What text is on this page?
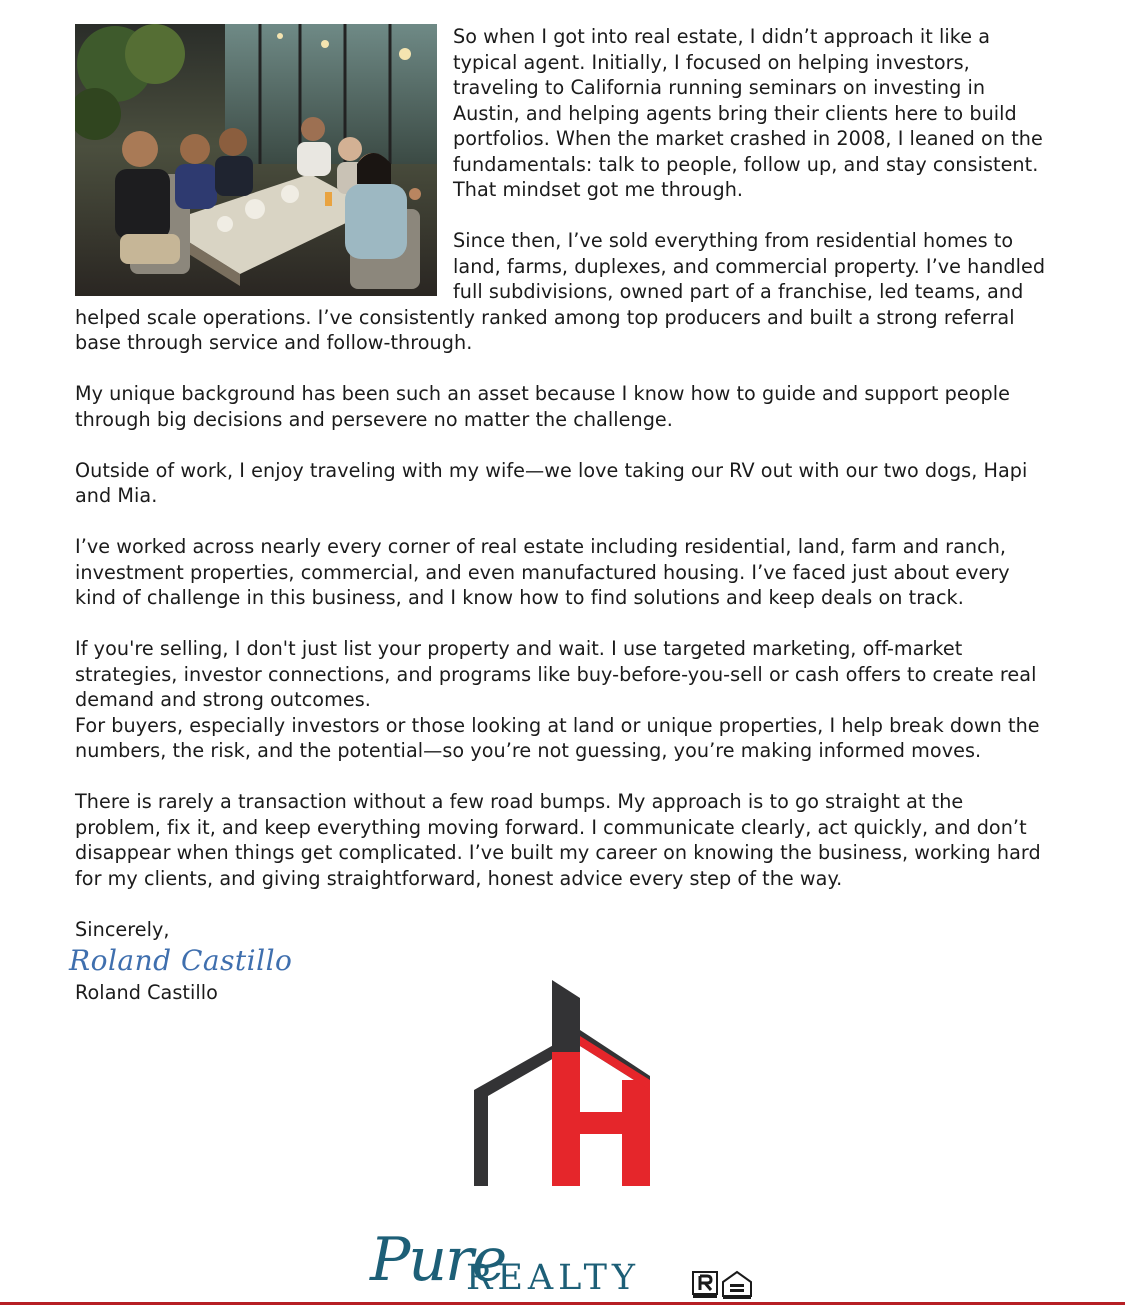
So when I got into real estate, I didn’t approach it like a typical agent. Initially, I focused on helping investors, traveling to California running seminars on investing in Austin, and helping agents bring their clients here to build portfolios. When the market crashed in 2008, I leaned on the fundamentals: talk to people, follow up, and stay consistent. That mindset got me through.

Since then, I’ve sold everything from residential homes to land, farms, duplexes, and commercial property. I’ve handled full subdivisions, owned part of a franchise, led teams, and helped scale operations. I’ve consistently ranked among top producers and built a strong referral base through service and follow-through.

My unique background has been such an asset because I know how to guide and support people through big decisions and persevere no matter the challenge.

Outside of work, I enjoy traveling with my wife—we love taking our RV out with our two dogs, Hapi and Mia.

I’ve worked across nearly every corner of real estate including residential, land, farm and ranch, investment properties, commercial, and even manufactured housing. I’ve faced just about every kind of challenge in this business, and I know how to find solutions and keep deals on track.

If you're selling, I don't just list your property and wait. I use targeted marketing, off-market strategies, investor connections, and programs like buy-before-you-sell or cash offers to create real demand and strong outcomes.

For buyers, especially investors or those looking at land or unique properties, I help break down the numbers, the risk, and the potential—so you’re not guessing, you’re making informed moves.

There is rarely a transaction without a few road bumps. My approach is to go straight at the problem, fix it, and keep everything moving forward. I communicate clearly, act quickly, and don’t disappear when things get complicated. I’ve built my career on knowing the business, working hard for my clients, and giving straightforward, honest advice every step of the way.

Sincerely,
Roland Castillo
Roland Castillo
Pure
REALTY
